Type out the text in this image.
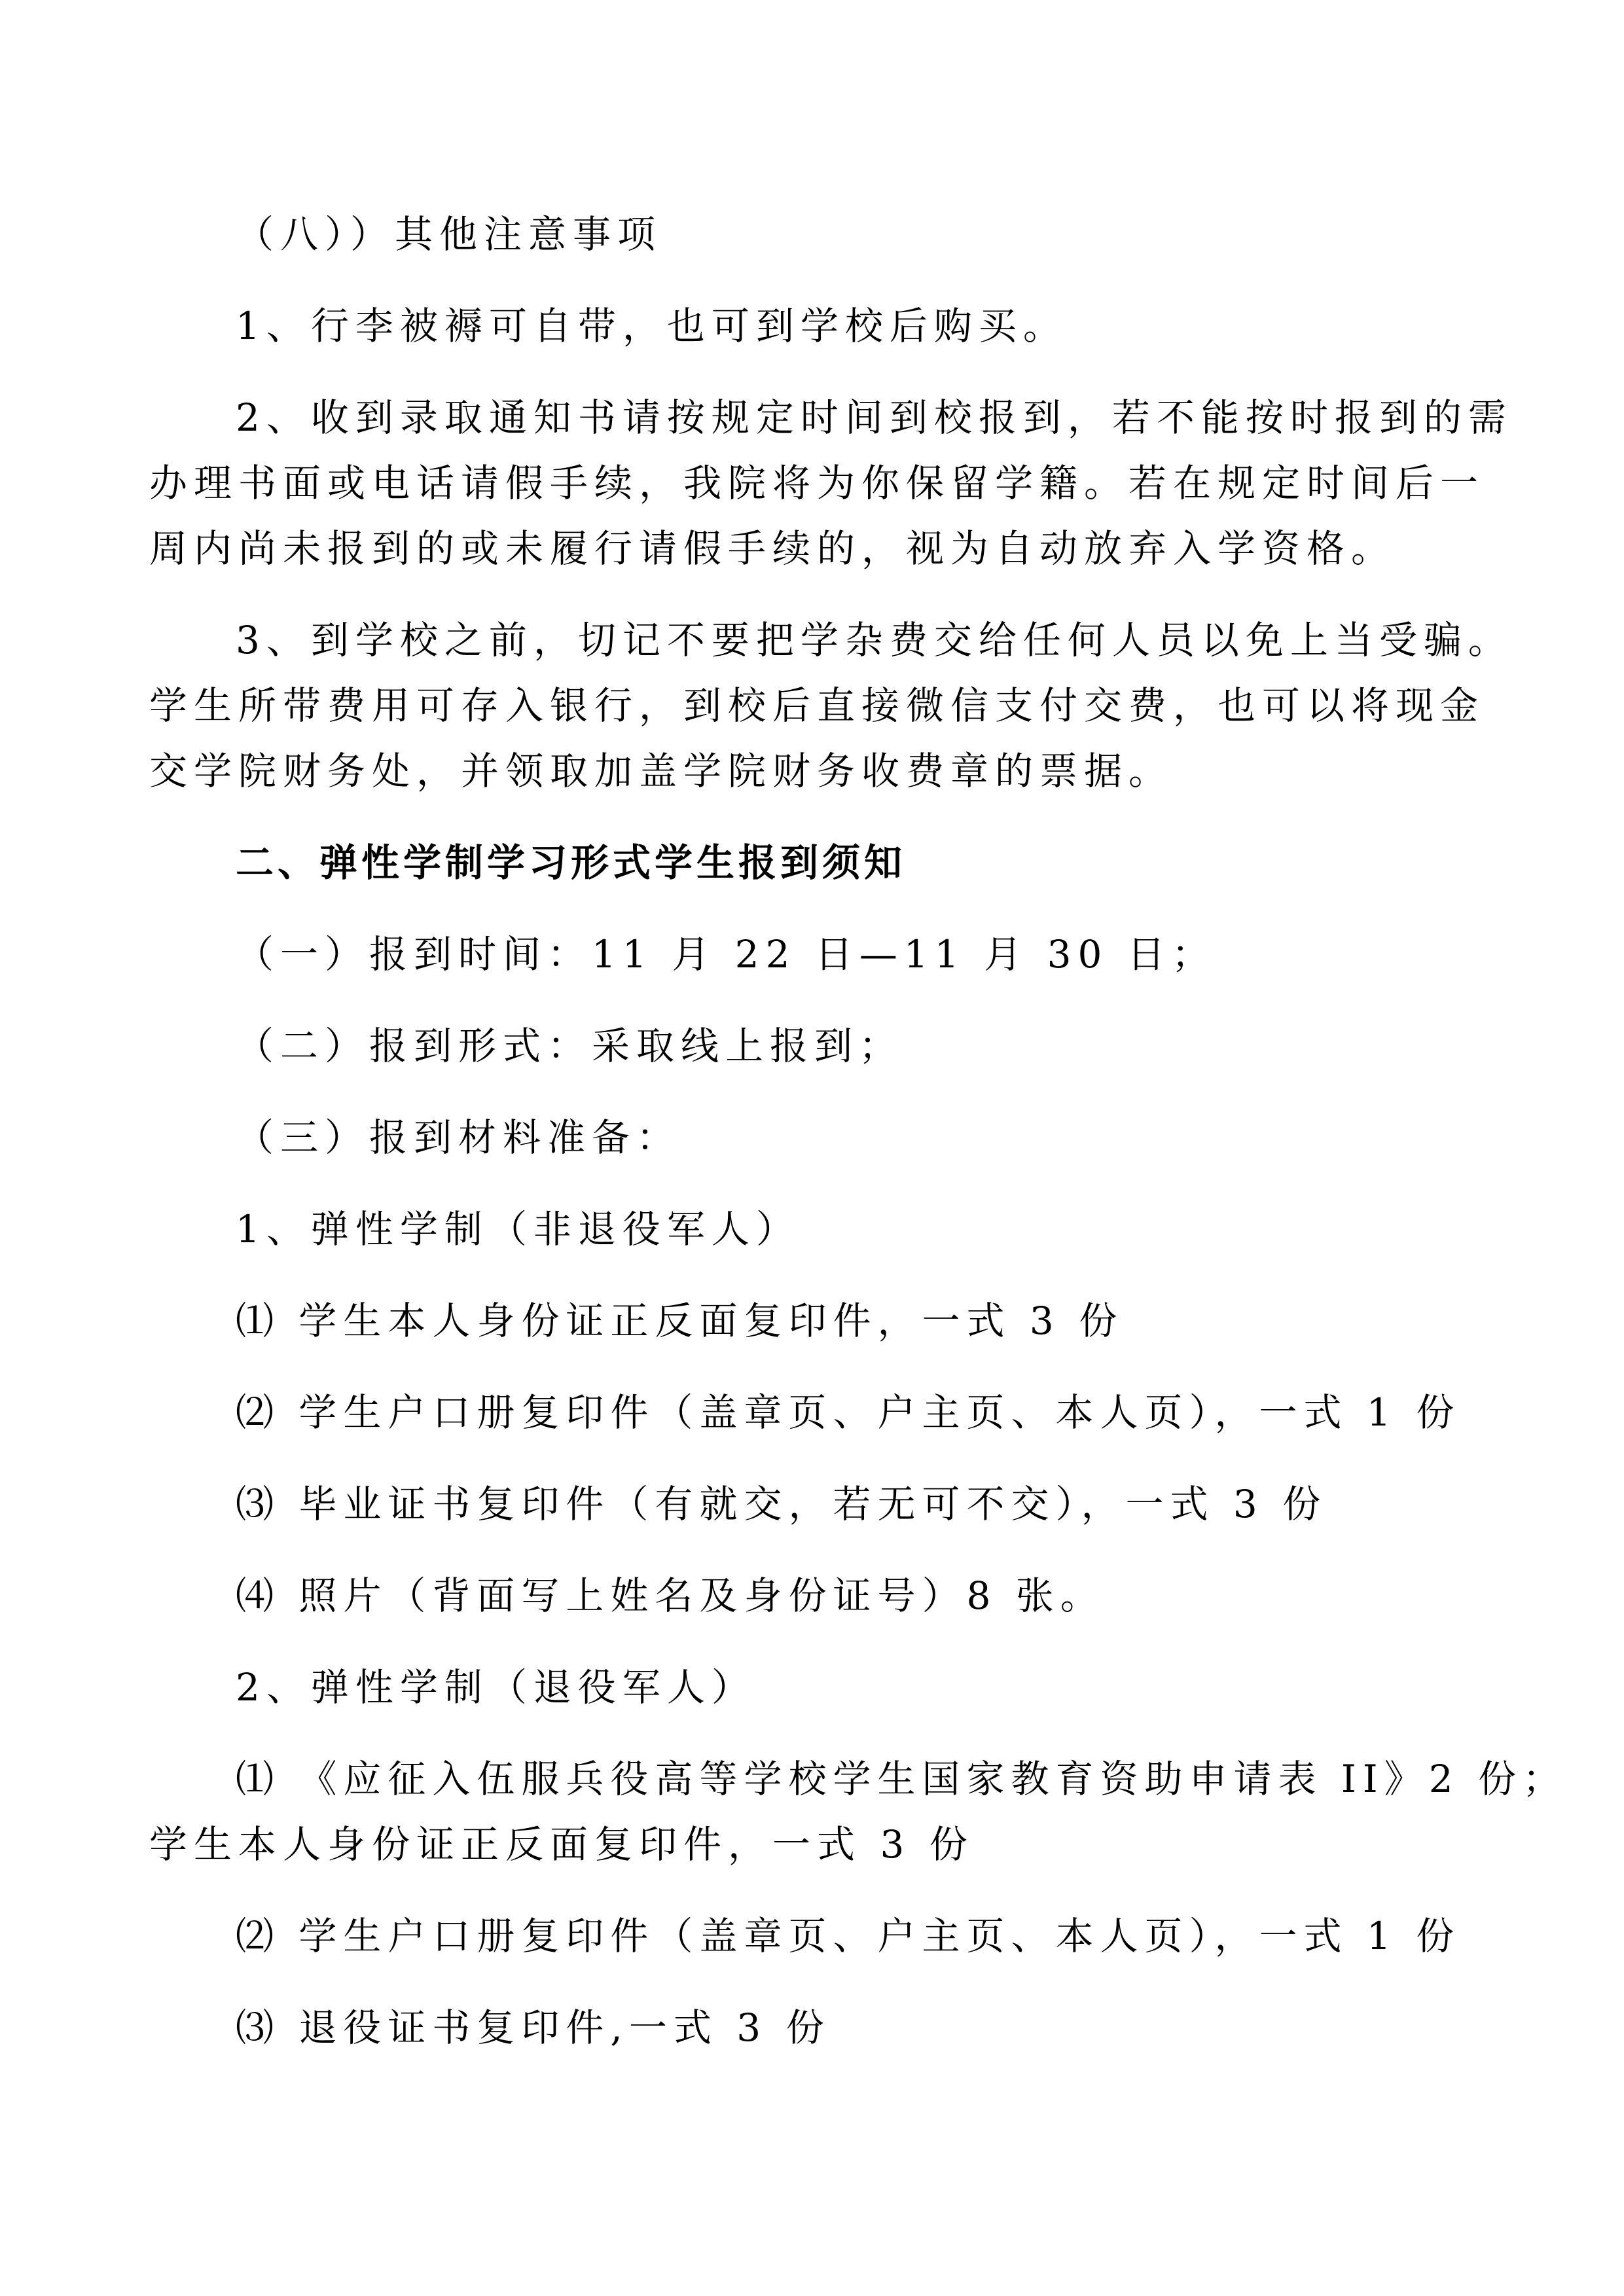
（八））其他注意事项
1、行李被褥可自带，也可到学校后购买。
2、收到录取通知书请按规定时间到校报到，若不能按时报到的需
办理书面或电话请假手续，我院将为你保留学籍。若在规定时间后一
周内尚未报到的或未履行请假手续的，视为自动放弃入学资格。
3、到学校之前，切记不要把学杂费交给任何人员以免上当受骗。
学生所带费用可存入银行，到校后直接微信支付交费，也可以将现金
交学院财务处，并领取加盖学院财务收费章的票据。
二、弹性学制学习形式学生报到须知
（一）报到时间：11 月 22 日—11 月 30 日；
（二）报到形式：采取线上报到；
（三）报到材料准备：
1、弹性学制（非退役军人）
⑴ 学生本人身份证正反面复印件，一式 3 份
⑵ 学生户口册复印件（盖章页、户主页、本人页），一式 1 份
⑶ 毕业证书复印件（有就交，若无可不交），一式 3 份
⑷ 照片（背面写上姓名及身份证号）8 张。
2、弹性学制（退役军人）
⑴ 《应征入伍服兵役高等学校学生国家教育资助申请表 II》2 份；
学生本人身份证正反面复印件，一式 3 份
⑵ 学生户口册复印件（盖章页、户主页、本人页），一式 1 份
⑶ 退役证书复印件,一式 3 份
